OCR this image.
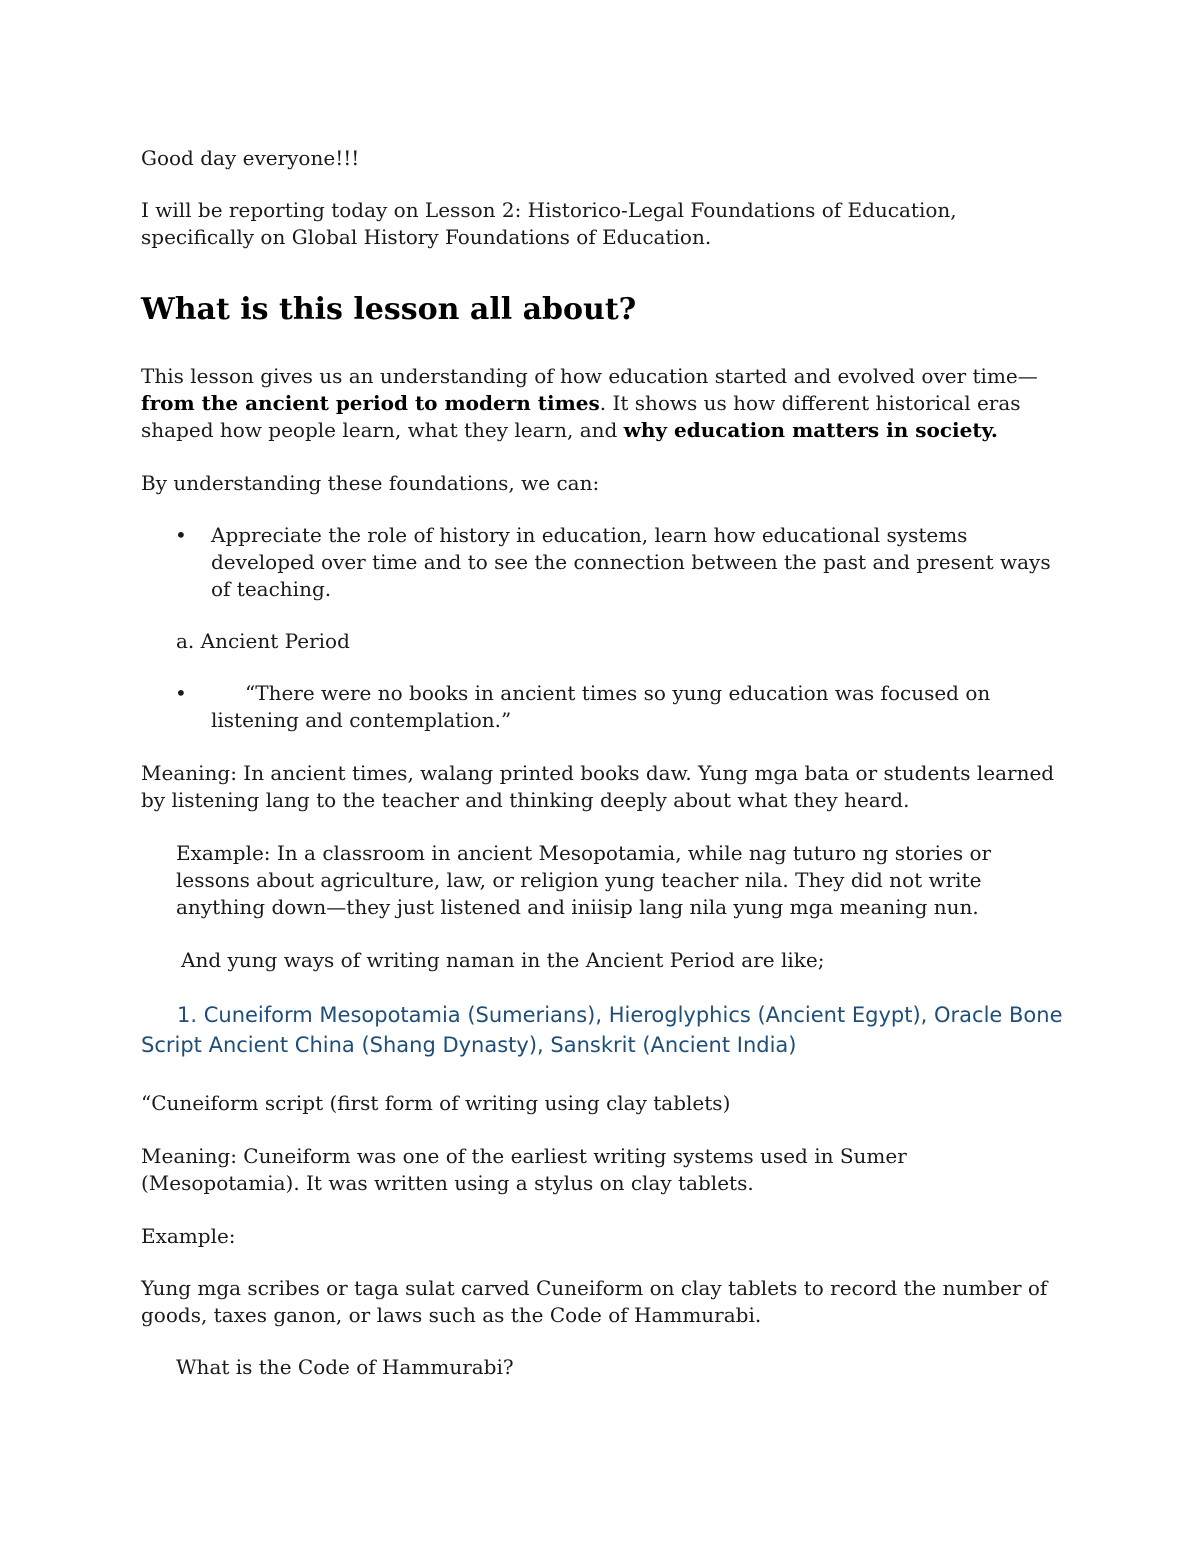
Good day everyone!!!

I will be reporting today on Lesson 2: Historico-Legal Foundations of Education, specifically on Global History Foundations of Education.

What is this lesson all about?

This lesson gives us an understanding of how education started and evolved over time—from the ancient period to modern times. It shows us how different historical eras shaped how people learn, what they learn, and why education matters in society.

By understanding these foundations, we can:

• Appreciate the role of history in education, learn how educational systems developed over time and to see the connection between the past and present ways of teaching.

a. Ancient Period

•	“There were no books in ancient times so yung education was focused on listening and contemplation.”

Meaning: In ancient times, walang printed books daw. Yung mga bata or students learned by listening lang to the teacher and thinking deeply about what they heard.

Example: In a classroom in ancient Mesopotamia, while nag tuturo ng stories or lessons about agriculture, law, or religion yung teacher nila. They did not write anything down—they just listened and iniisip lang nila yung mga meaning nun.

And yung ways of writing naman in the Ancient Period are like;

1. Cuneiform Mesopotamia (Sumerians), Hieroglyphics (Ancient Egypt), Oracle Bone Script Ancient China (Shang Dynasty), Sanskrit (Ancient India)

“Cuneiform script (first form of writing using clay tablets)

Meaning: Cuneiform was one of the earliest writing systems used in Sumer (Mesopotamia). It was written using a stylus on clay tablets.

Example:

Yung mga scribes or taga sulat carved Cuneiform on clay tablets to record the number of goods, taxes ganon, or laws such as the Code of Hammurabi.

What is the Code of Hammurabi?
